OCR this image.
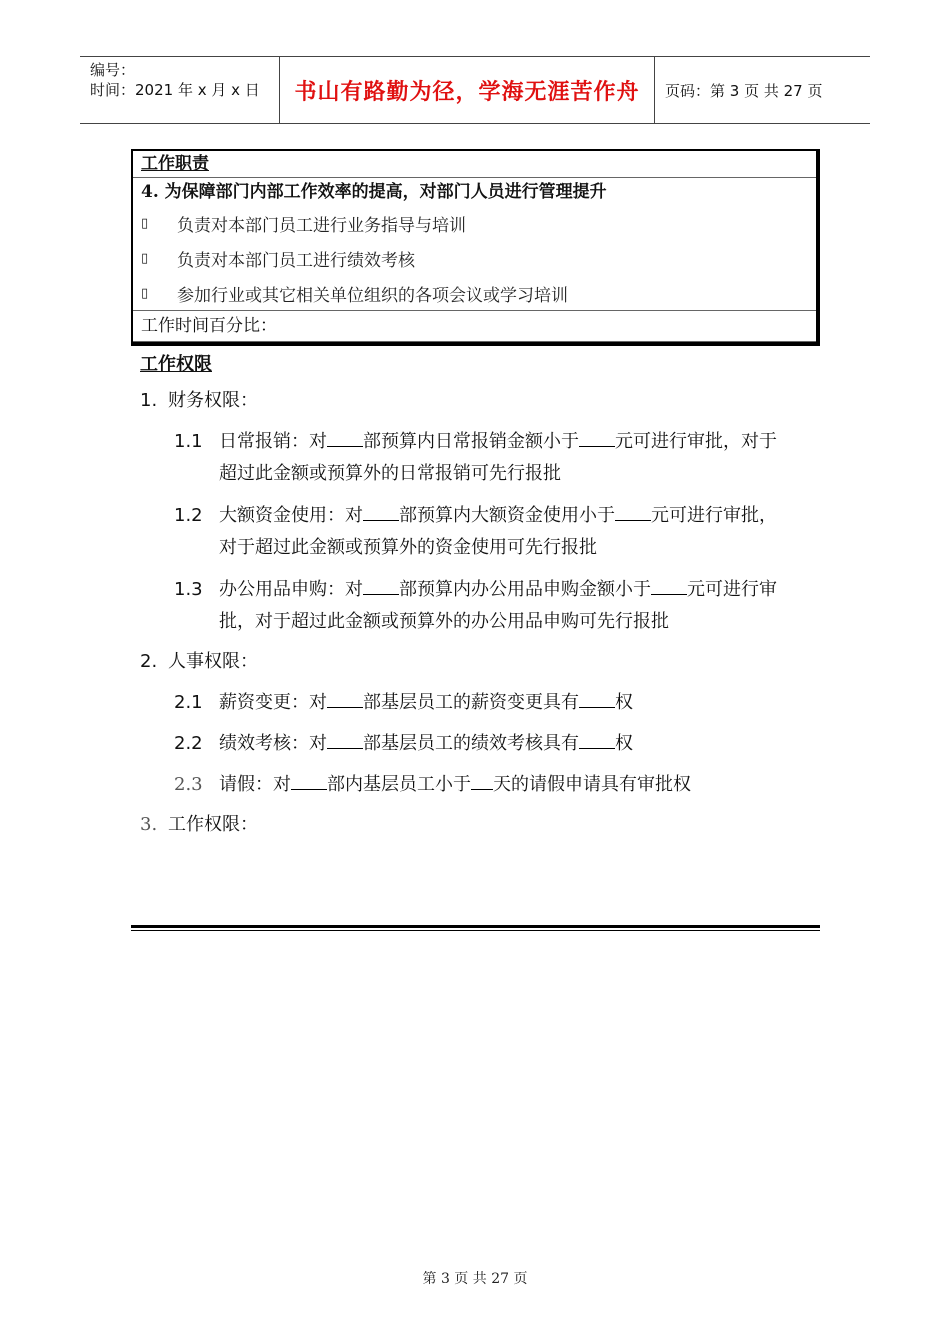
编号：
时间：2021 年 x 月 x 日	书山有路勤为径，学海无涯苦作舟	页码：第 3 页 共 27 页
工作职责
4. 为保障部门内部工作效率的提高，对部门人员进行管理提升
▯	负责对本部门员工进行业务指导与培训
▯	负责对本部门员工进行绩效考核
▯	参加行业或其它相关单位组织的各项会议或学习培训
工作时间百分比：
工作权限
1. 财务权限：
1.1 日常报销：对 部预算内日常报销金额小于 元可进行审批，对于
超过此金额或预算外的日常报销可先行报批
1.2 大额资金使用：对 部预算内大额资金使用小于 元可进行审批，
对于超过此金额或预算外的资金使用可先行报批
1.3 办公用品申购：对 部预算内办公用品申购金额小于 元可进行审
批，对于超过此金额或预算外的办公用品申购可先行报批
2. 人事权限：
2.1 薪资变更：对 部基层员工的薪资变更具有 权
2.2 绩效考核：对 部基层员工的绩效考核具有 权
2.3 请假：对 部内基层员工小于 天的请假申请具有审批权
3. 工作权限：
第 3 页 共 27 页
